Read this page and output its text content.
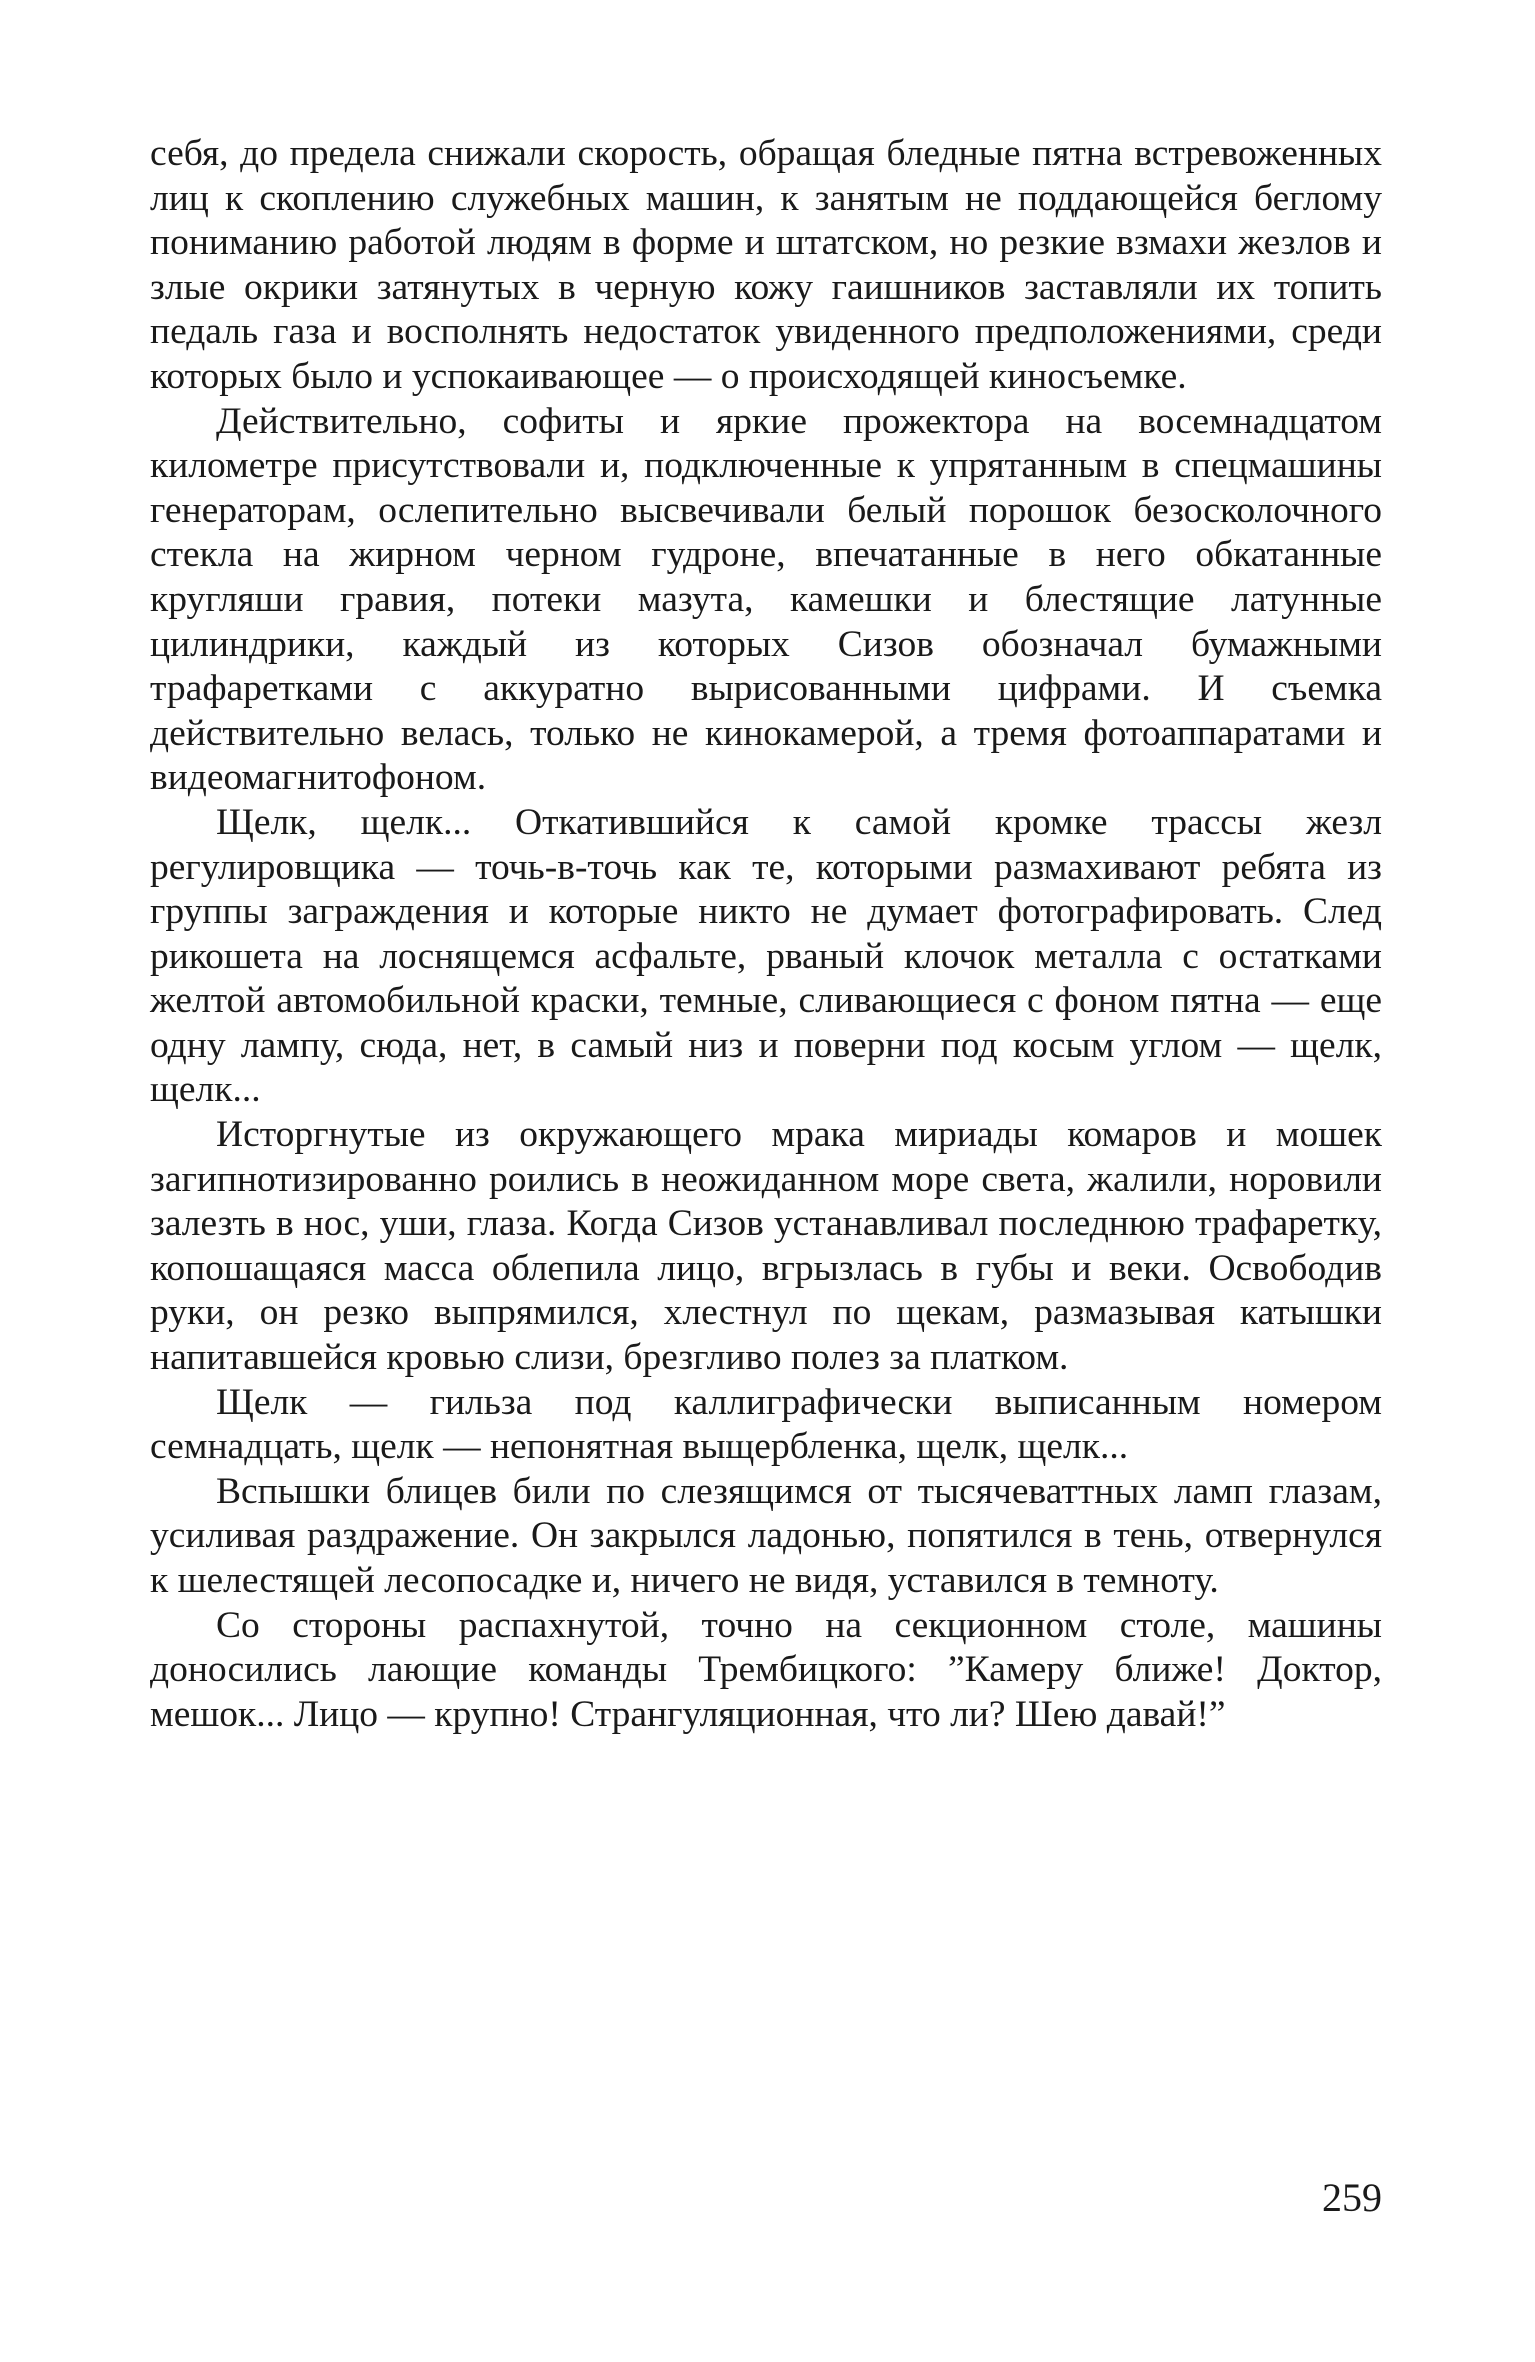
себя, до предела снижали скорость, обращая бледные пятна встревоженных лиц к скоплению служебных машин, к занятым не поддающейся беглому пониманию работой людям в форме и штатском, но резкие взмахи жезлов и злые окрики затянутых в черную кожу гаишников заставляли их топить педаль газа и восполнять недостаток увиденного предположениями, среди которых было и успокаивающее — о происходящей киносъемке.

Действительно, софиты и яркие прожектора на восемнадцатом километре присутствовали и, подключенные к упрятанным в спецмашины генераторам, ослепительно высвечивали белый порошок безосколочного стекла на жирном черном гудроне, впечатанные в него обкатанные кругляши гравия, потеки мазута, камешки и блестящие латунные цилиндрики, каждый из которых Сизов обозначал бумажными трафаретками с аккуратно вырисованными цифрами. И съемка действительно велась, только не кинокамерой, а тремя фотоаппаратами и видеомагнитофоном.

Щелк, щелк... Откатившийся к самой кромке трассы жезл регулировщика — точь-в-точь как те, которыми размахивают ребята из группы заграждения и которые никто не думает фотографировать. След рикошета на лоснящемся асфальте, рваный клочок металла с остатками желтой автомобильной краски, темные, сливающиеся с фоном пятна — еще одну лампу, сюда, нет, в самый низ и поверни под косым углом — щелк, щелк...

Исторгнутые из окружающего мрака мириады комаров и мошек загипнотизированно роились в неожиданном море света, жалили, норовили залезть в нос, уши, глаза. Когда Сизов устанавливал последнюю трафаретку, копошащаяся масса облепила лицо, вгрызлась в губы и веки. Освободив руки, он резко выпрямился, хлестнул по щекам, размазывая катышки напитавшейся кровью слизи, брезгливо полез за платком.

Щелк — гильза под каллиграфически выписанным номером семнадцать, щелк — непонятная выщербленка, щелк, щелк...

Вспышки блицев били по слезящимся от тысячеваттных ламп глазам, усиливая раздражение. Он закрылся ладонью, попятился в тень, отвернулся к шелестящей лесопосадке и, ничего не видя, уставился в темноту.

Со стороны распахнутой, точно на секционном столе, машины доносились лающие команды Трембицкого: ”Камеру ближе! Доктор, мешок... Лицо — крупно! Странгуляционная, что ли? Шею давай!”

259
